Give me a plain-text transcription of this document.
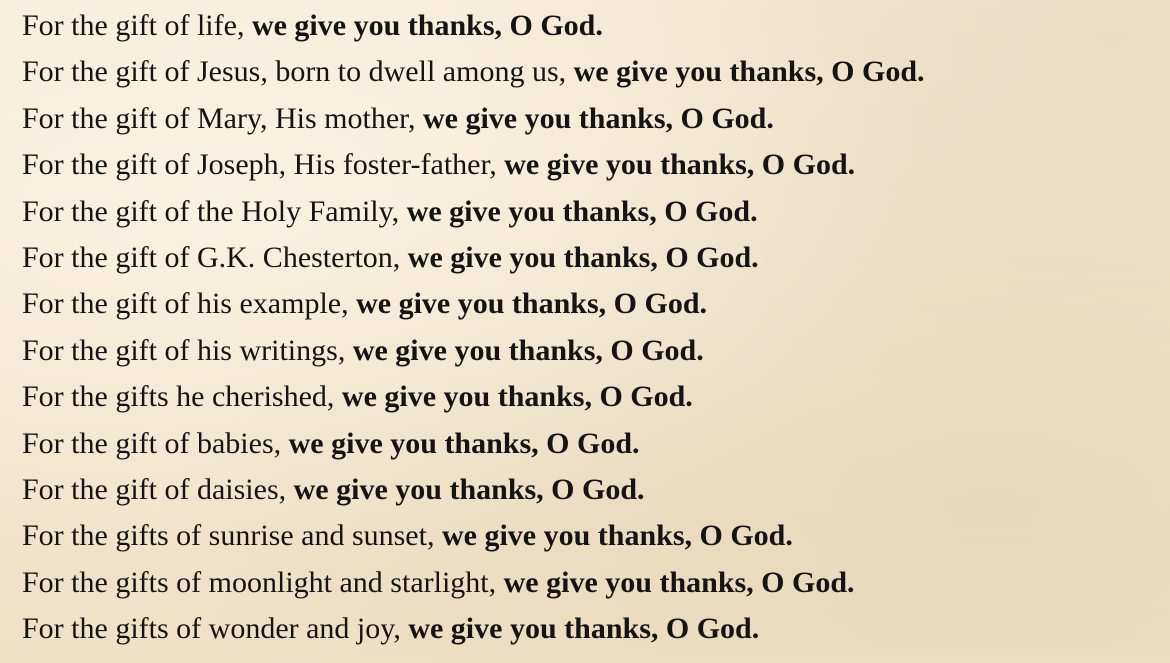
For the gift of life, we give you thanks, O God.
For the gift of Jesus, born to dwell among us, we give you thanks, O God.
For the gift of Mary, His mother, we give you thanks, O God.
For the gift of Joseph, His foster-father, we give you thanks, O God.
For the gift of the Holy Family, we give you thanks, O God.
For the gift of G.K. Chesterton, we give you thanks, O God.
For the gift of his example, we give you thanks, O God.
For the gift of his writings, we give you thanks, O God.
For the gifts he cherished, we give you thanks, O God.
For the gift of babies, we give you thanks, O God.
For the gift of daisies, we give you thanks, O God.
For the gifts of sunrise and sunset, we give you thanks, O God.
For the gifts of moonlight and starlight, we give you thanks, O God.
For the gifts of wonder and joy, we give you thanks, O God.
